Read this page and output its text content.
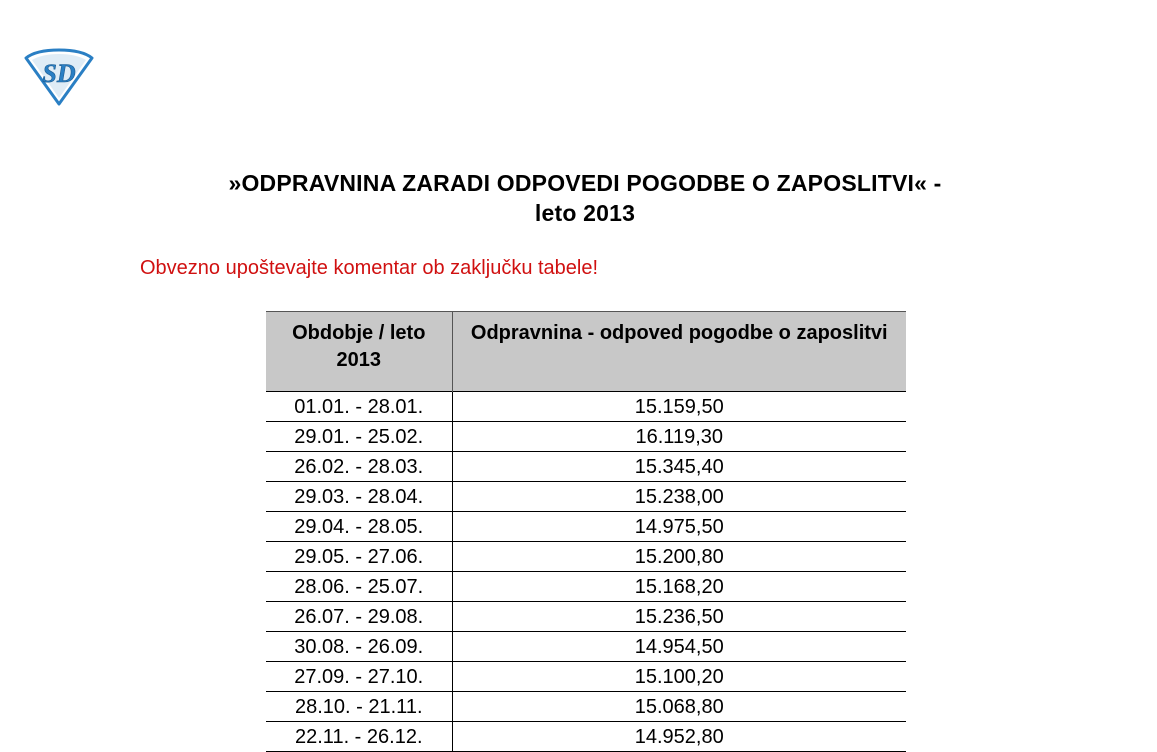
SD
»ODPRAVNINA ZARADI ODPOVEDI POGODBE O ZAPOSLITVI« -
leto 2013
Obvezno upoštevajte komentar ob zaključku tabele!
Obdobje / leto 2013	Odpravnina - odpoved pogodbe o zaposlitvi
01.01. - 28.01.	15.159,50
29.01. - 25.02.	16.119,30
26.02. - 28.03.	15.345,40
29.03. - 28.04.	15.238,00
29.04. - 28.05.	14.975,50
29.05. - 27.06.	15.200,80
28.06. - 25.07.	15.168,20
26.07. - 29.08.	15.236,50
30.08. - 26.09.	14.954,50
27.09. - 27.10.	15.100,20
28.10. - 21.11.	15.068,80
22.11. - 26.12.	14.952,80
